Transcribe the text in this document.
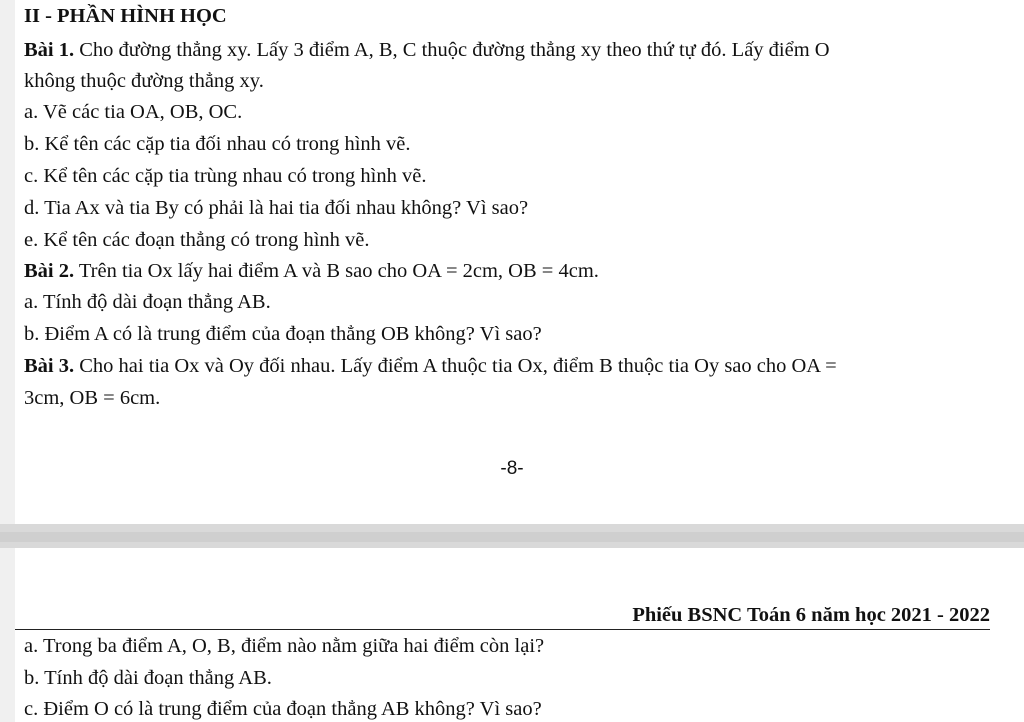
II - PHẦN HÌNH HỌC
Bài 1. Cho đường thẳng xy. Lấy 3 điểm A, B, C thuộc đường thẳng xy theo thứ tự đó. Lấy điểm O
không thuộc đường thẳng xy.
a. Vẽ các tia OA, OB, OC.
b. Kể tên các cặp tia đối nhau có trong hình vẽ.
c. Kể tên các cặp tia trùng nhau có trong hình vẽ.
d. Tia Ax và tia By có phải là hai tia đối nhau không? Vì sao?
e. Kể tên các đoạn thẳng có trong hình vẽ.
Bài 2. Trên tia Ox lấy hai điểm A và B sao cho OA = 2cm, OB = 4cm.
a. Tính độ dài đoạn thẳng AB.
b. Điểm A có là trung điểm của đoạn thẳng OB không? Vì sao?
Bài 3. Cho hai tia Ox và Oy đối nhau. Lấy điểm A thuộc tia Ox, điểm B thuộc tia Oy sao cho OA =
3cm, OB = 6cm.
-8-
Phiếu BSNC Toán 6 năm học 2021 - 2022
a. Trong ba điểm A, O, B, điểm nào nằm giữa hai điểm còn lại?
b. Tính độ dài đoạn thẳng AB.
c. Điểm O có là trung điểm của đoạn thẳng AB không? Vì sao?
